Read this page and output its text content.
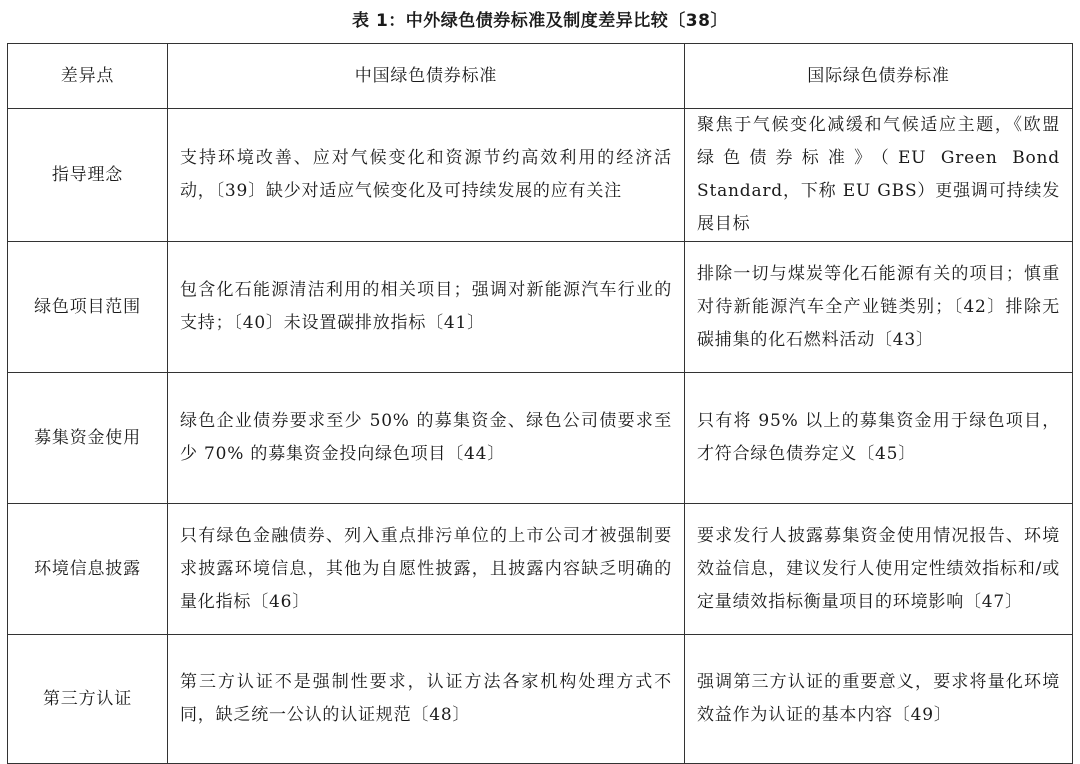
表 1：中外绿色债券标准及制度差异比较〔38〕
差异点	中国绿色债券标准	国际绿色债券标准
指导理念	支持环境改善、应对气候变化和资源节约高效利用的经济活动，〔39〕缺少对适应气候变化及可持续发展的应有关注	聚焦于气候变化减缓和气候适应主题，《欧盟绿色债券标准》（EU Green Bond Standard，下称 EU GBS）更强调可持续发展目标
绿色项目范围	包含化石能源清洁利用的相关项目；强调对新能源汽车行业的支持；〔40〕未设置碳排放指标〔41〕	排除一切与煤炭等化石能源有关的项目；慎重对待新能源汽车全产业链类别；〔42〕排除无碳捕集的化石燃料活动〔43〕
募集资金使用	绿色企业债券要求至少 50% 的募集资金、绿色公司债要求至少 70% 的募集资金投向绿色项目〔44〕	只有将 95% 以上的募集资金用于绿色项目，才符合绿色债券定义〔45〕
环境信息披露	只有绿色金融债券、列入重点排污单位的上市公司才被强制要求披露环境信息，其他为自愿性披露，且披露内容缺乏明确的量化指标〔46〕	要求发行人披露募集资金使用情况报告、环境效益信息，建议发行人使用定性绩效指标和/或定量绩效指标衡量项目的环境影响〔47〕
第三方认证	第三方认证不是强制性要求，认证方法各家机构处理方式不同，缺乏统一公认的认证规范〔48〕	强调第三方认证的重要意义，要求将量化环境效益作为认证的基本内容〔49〕
